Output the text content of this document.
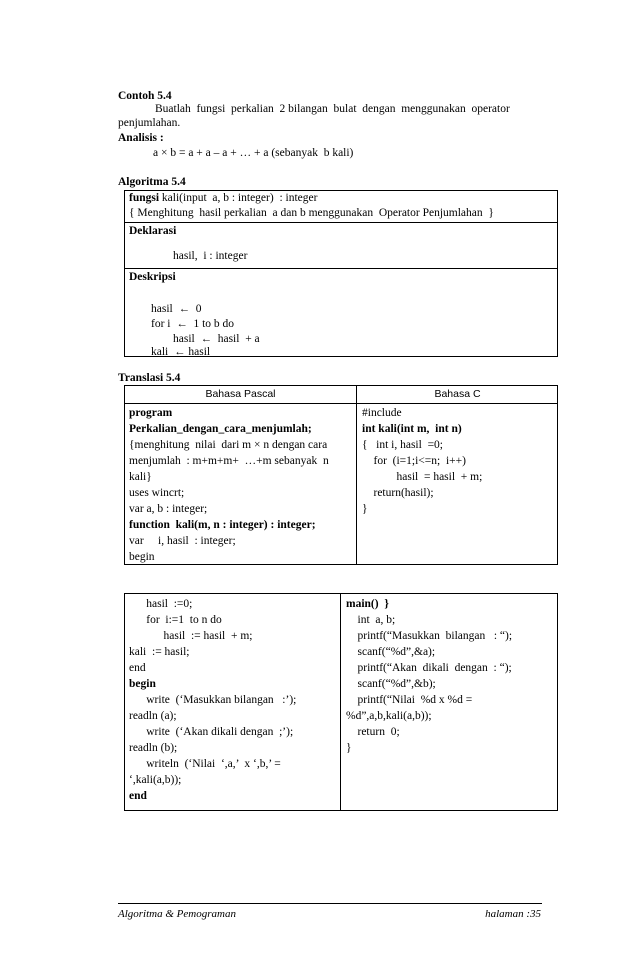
Contoh 5.4
Buatlah  fungsi  perkalian  2 bilangan  bulat  dengan  menggunakan  operator
penjumlahan.
Analisis :
a × b = a + a – a + … + a (sebanyak  b kali)
Algoritma 5.4
fungsi kali(input  a, b : integer)  : integer
{ Menghitung  hasil perkalian  a dan b menggunakan  Operator Penjumlahan  }
Deklarasi
hasil,  i : integer
Deskripsi
hasil  ←  0
for i  ←  1 to b do
hasil  ←  hasil  + a
kali  ← hasil
Translasi 5.4
Bahasa Pascal	Bahasa C
program
Perkalian_dengan_cara_menjumlah;
{menghitung  nilai  dari m × n dengan cara
menjumlah  : m+m+m+  …+m sebanyak  n
kali}
uses wincrt;
var a, b : integer;
function  kali(m, n : integer) : integer;
var     i, hasil  : integer;
begin
#include
int kali(int m,  int n)
{   int i, hasil  =0;
for  (i=1;i<=n;  i++)
hasil  = hasil  + m;
return(hasil);
}
hasil  :=0;
for  i:=1  to n do
hasil  := hasil  + m;
kali  := hasil;
end
begin
write  (‘Masukkan bilangan   :’);
readln (a);
write  (‘Akan dikali dengan  ;’);
readln (b);
writeln  (‘Nilai  ‘,a,’  x ‘,b,’ =
‘,kali(a,b));
end
main()  }
int  a, b;
printf(“Masukkan  bilangan   : “);
scanf(“%d”,&a);
printf(“Akan  dikali  dengan  : “);
scanf(“%d”,&b);
printf(“Nilai  %d x %d =
%d”,a,b,kali(a,b));
return  0;
}
Algoritma & Pemograman	halaman :35
